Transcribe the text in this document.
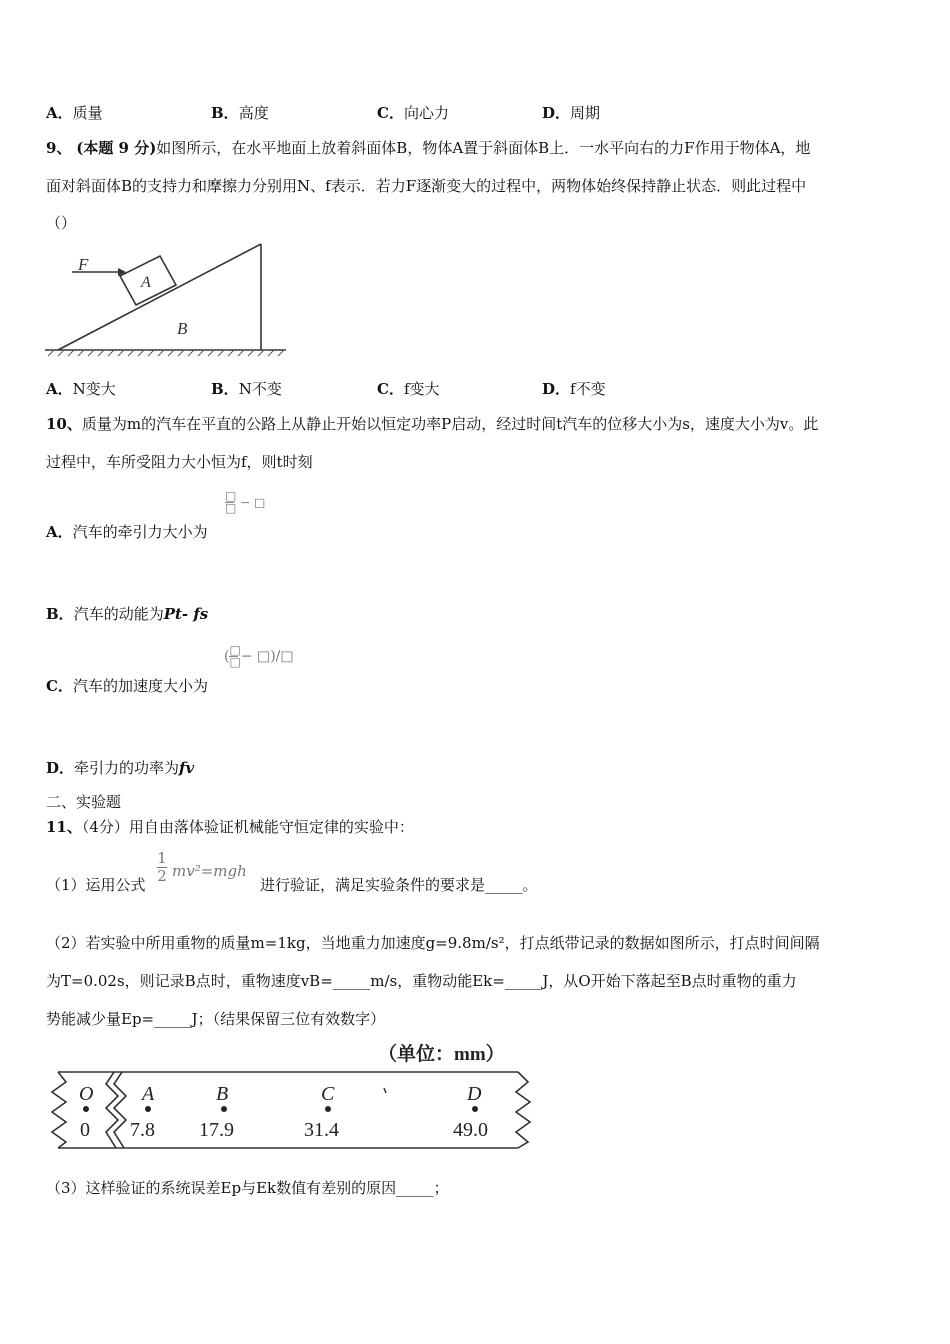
A．质量	B．高度	C．向心力	D．周期
9、 (本题 9 分)如图所示，在水平地面上放着斜面体B，物体A置于斜面体B上．一水平向右的力F作用于物体A，地
面对斜面体B的支持力和摩擦力分别用N、f表示．若力F逐渐变大的过程中，两物体始终保持静止状态．则此过程中
（）
F
A
B
A．N变大	B．N不变	C．f变大	D．f不变
10、质量为m的汽车在平直的公路上从静止开始以恒定功率P启动，经过时间t汽车的位移大小为s，速度大小为v。此
过程中，车所受阻力大小恒为f，则t时刻
□
□ − □
A．汽车的牵引力大小为
B．汽车的动能为Pt- fs
( □
□ − □)/□
C．汽车的加速度大小为
D．牵引力的功率为fv
二、实验题
11、（4分）用自由落体验证机械能守恒定律的实验中：
（1）运用公式
1
2 mv²=mgh
进行验证，满足实验条件的要求是_____。
（2）若实验中所用重物的质量m=1kg，当地重力加速度g=9.8m/s²，打点纸带记录的数据如图所示，打点时间间隔
为T=0.02s，则记录B点时，重物速度vB=_____m/s，重物动能Ek=_____J，从O开始下落起至B点时重物的重力
势能减少量Ep=_____J；（结果保留三位有效数字）
（单位：mm）
O
0
A
7.8
B
17.9
C
31.4
D
49.0
（3）这样验证的系统误差Ep与Ek数值有差别的原因_____；
